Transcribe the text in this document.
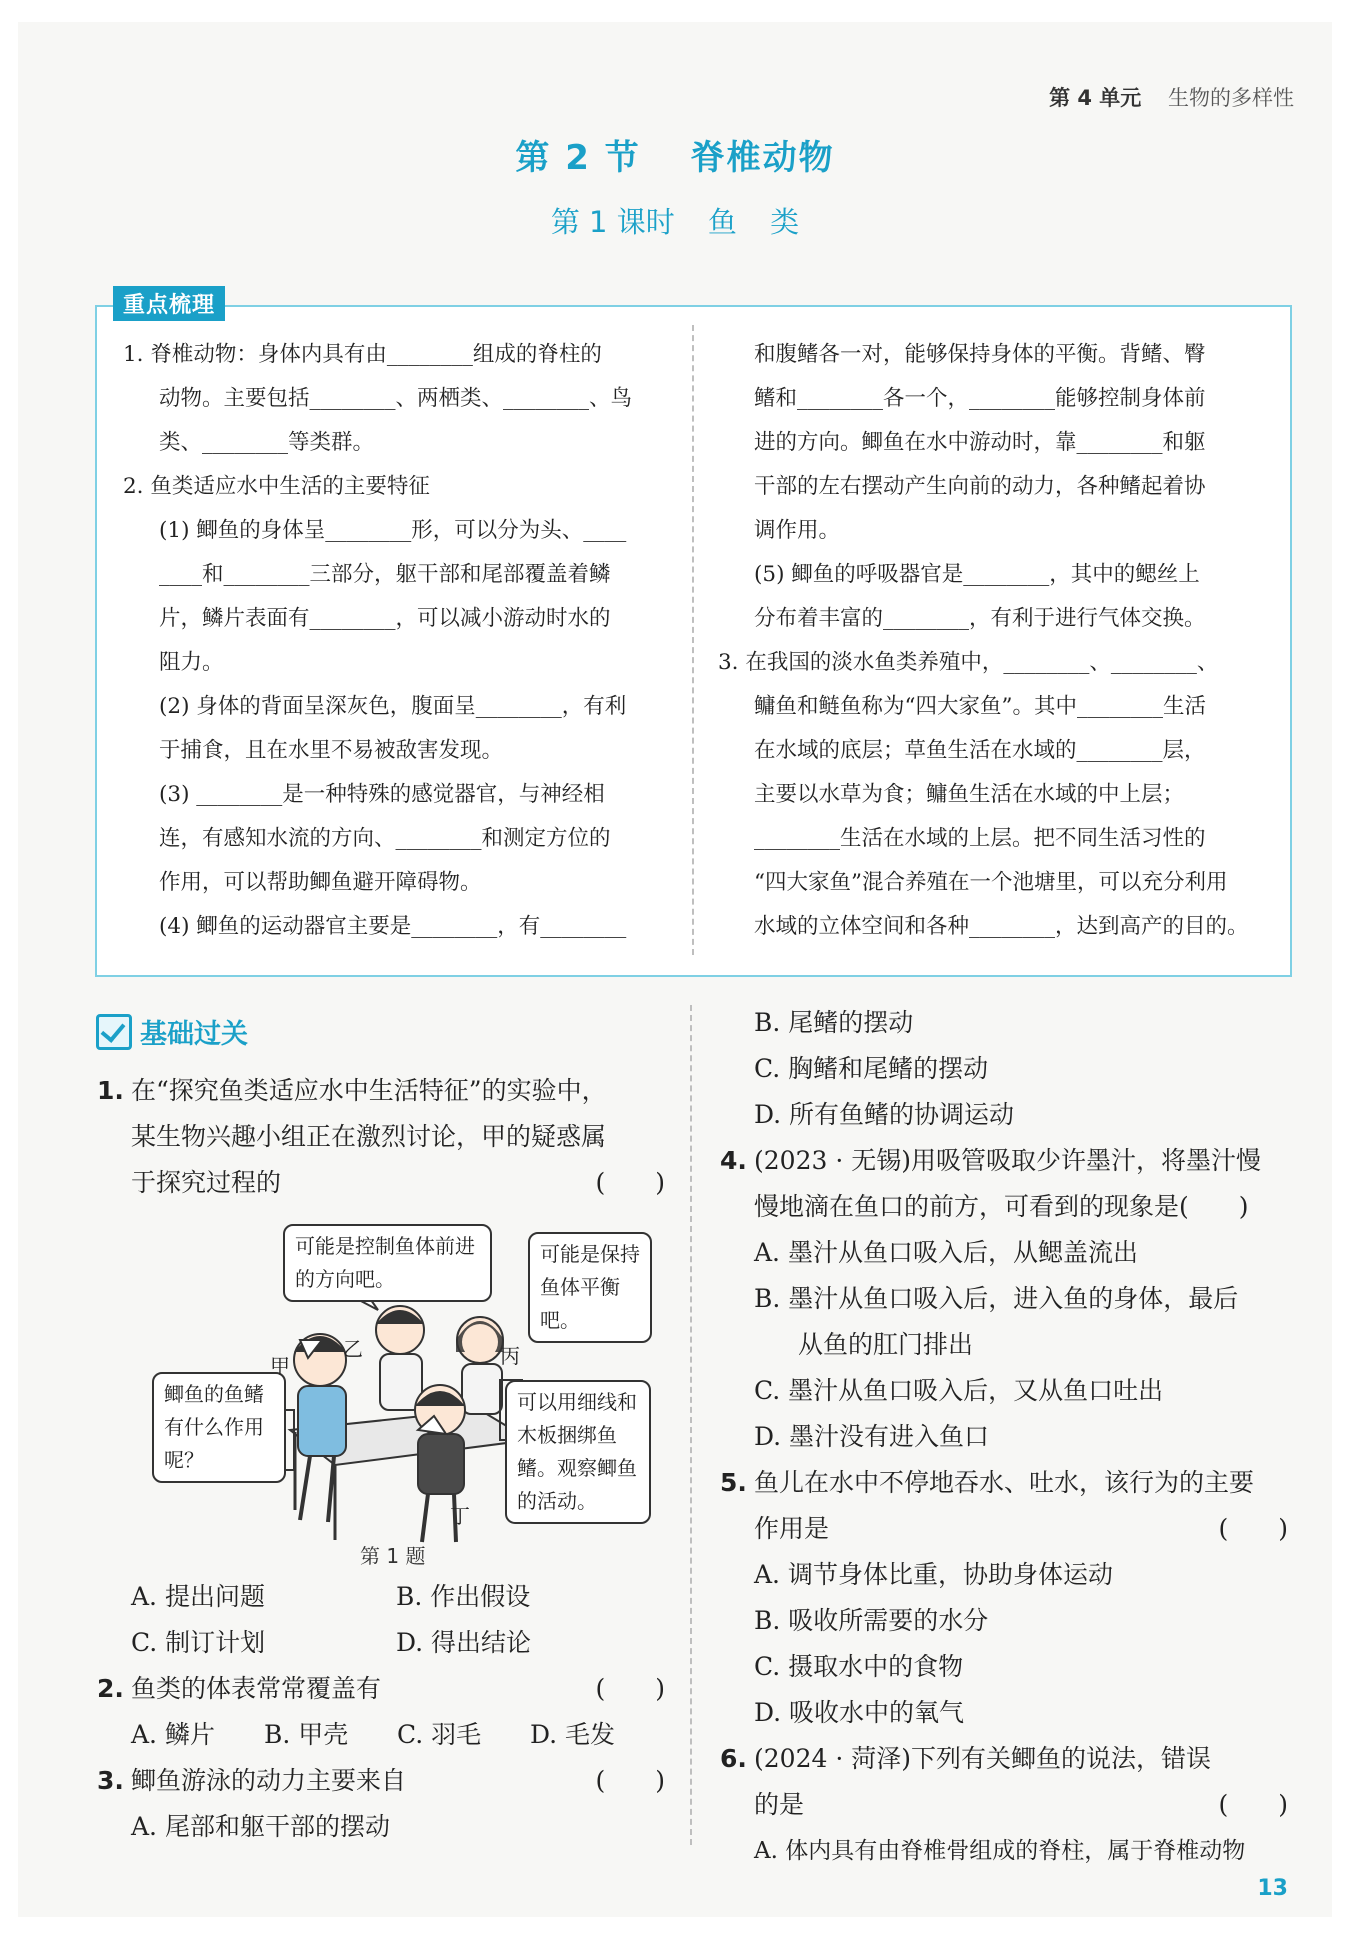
第 4 单元 生物的多样性
第 2 节 脊椎动物
第 1 课时 鱼 类
重点梳理
1. 脊椎动物：身体内具有由________组成的脊柱的
动物。主要包括________、两栖类、________、鸟
类、________等类群。
2. 鱼类适应水中生活的主要特征
(1) 鲫鱼的身体呈________形，可以分为头、____
____和________三部分，躯干部和尾部覆盖着鳞
片，鳞片表面有________，可以减小游动时水的
阻力。
(2) 身体的背面呈深灰色，腹面呈________，有利
于捕食，且在水里不易被敌害发现。
(3) ________是一种特殊的感觉器官，与神经相
连，有感知水流的方向、________和测定方位的
作用，可以帮助鲫鱼避开障碍物。
(4) 鲫鱼的运动器官主要是________，有________
和腹鳍各一对，能够保持身体的平衡。背鳍、臀
鳍和________各一个，________能够控制身体前
进的方向。鲫鱼在水中游动时，靠________和躯
干部的左右摆动产生向前的动力，各种鳍起着协
调作用。
(5) 鲫鱼的呼吸器官是________，其中的鳃丝上
分布着丰富的________，有利于进行气体交换。
3. 在我国的淡水鱼类养殖中，________、________、
鳙鱼和鲢鱼称为“四大家鱼”。其中________生活
在水域的底层；草鱼生活在水域的________层，
主要以水草为食；鳙鱼生活在水域的中上层；
________生活在水域的上层。把不同生活习性的
“四大家鱼”混合养殖在一个池塘里，可以充分利用
水域的立体空间和各种________，达到高产的目的。
基础过关
1. 在“探究鱼类适应水中生活特征”的实验中，
某生物兴趣小组正在激烈讨论，甲的疑惑属
于探究过程的	(　　)
可能是控制鱼体前进的方向吧。
可能是保持鱼体平衡吧。
鲫鱼的鱼鳍有什么作用呢？
可以用细线和木板捆绑鱼鳍。观察鲫鱼的活动。
甲
乙	丙
丁
第 1 题
A. 提出问题	B. 作出假设
C. 制订计划	D. 得出结论
2. 鱼类的体表常常覆盖有	(　　)
A. 鳞片	B. 甲壳	C. 羽毛	D. 毛发
3. 鲫鱼游泳的动力主要来自	(　　)
A. 尾部和躯干部的摆动
B. 尾鳍的摆动
C. 胸鳍和尾鳍的摆动
D. 所有鱼鳍的协调运动
4. (2023 · 无锡)用吸管吸取少许墨汁，将墨汁慢
慢地滴在鱼口的前方，可看到的现象是(　　)
A. 墨汁从鱼口吸入后，从鳃盖流出
B. 墨汁从鱼口吸入后，进入鱼的身体，最后
从鱼的肛门排出
C. 墨汁从鱼口吸入后，又从鱼口吐出
D. 墨汁没有进入鱼口
5. 鱼儿在水中不停地吞水、吐水，该行为的主要
作用是	(　　)
A. 调节身体比重，协助身体运动
B. 吸收所需要的水分
C. 摄取水中的食物
D. 吸收水中的氧气
6. (2024 · 菏泽)下列有关鲫鱼的说法，错误
的是	(　　)
A. 体内具有由脊椎骨组成的脊柱，属于脊椎动物
13
